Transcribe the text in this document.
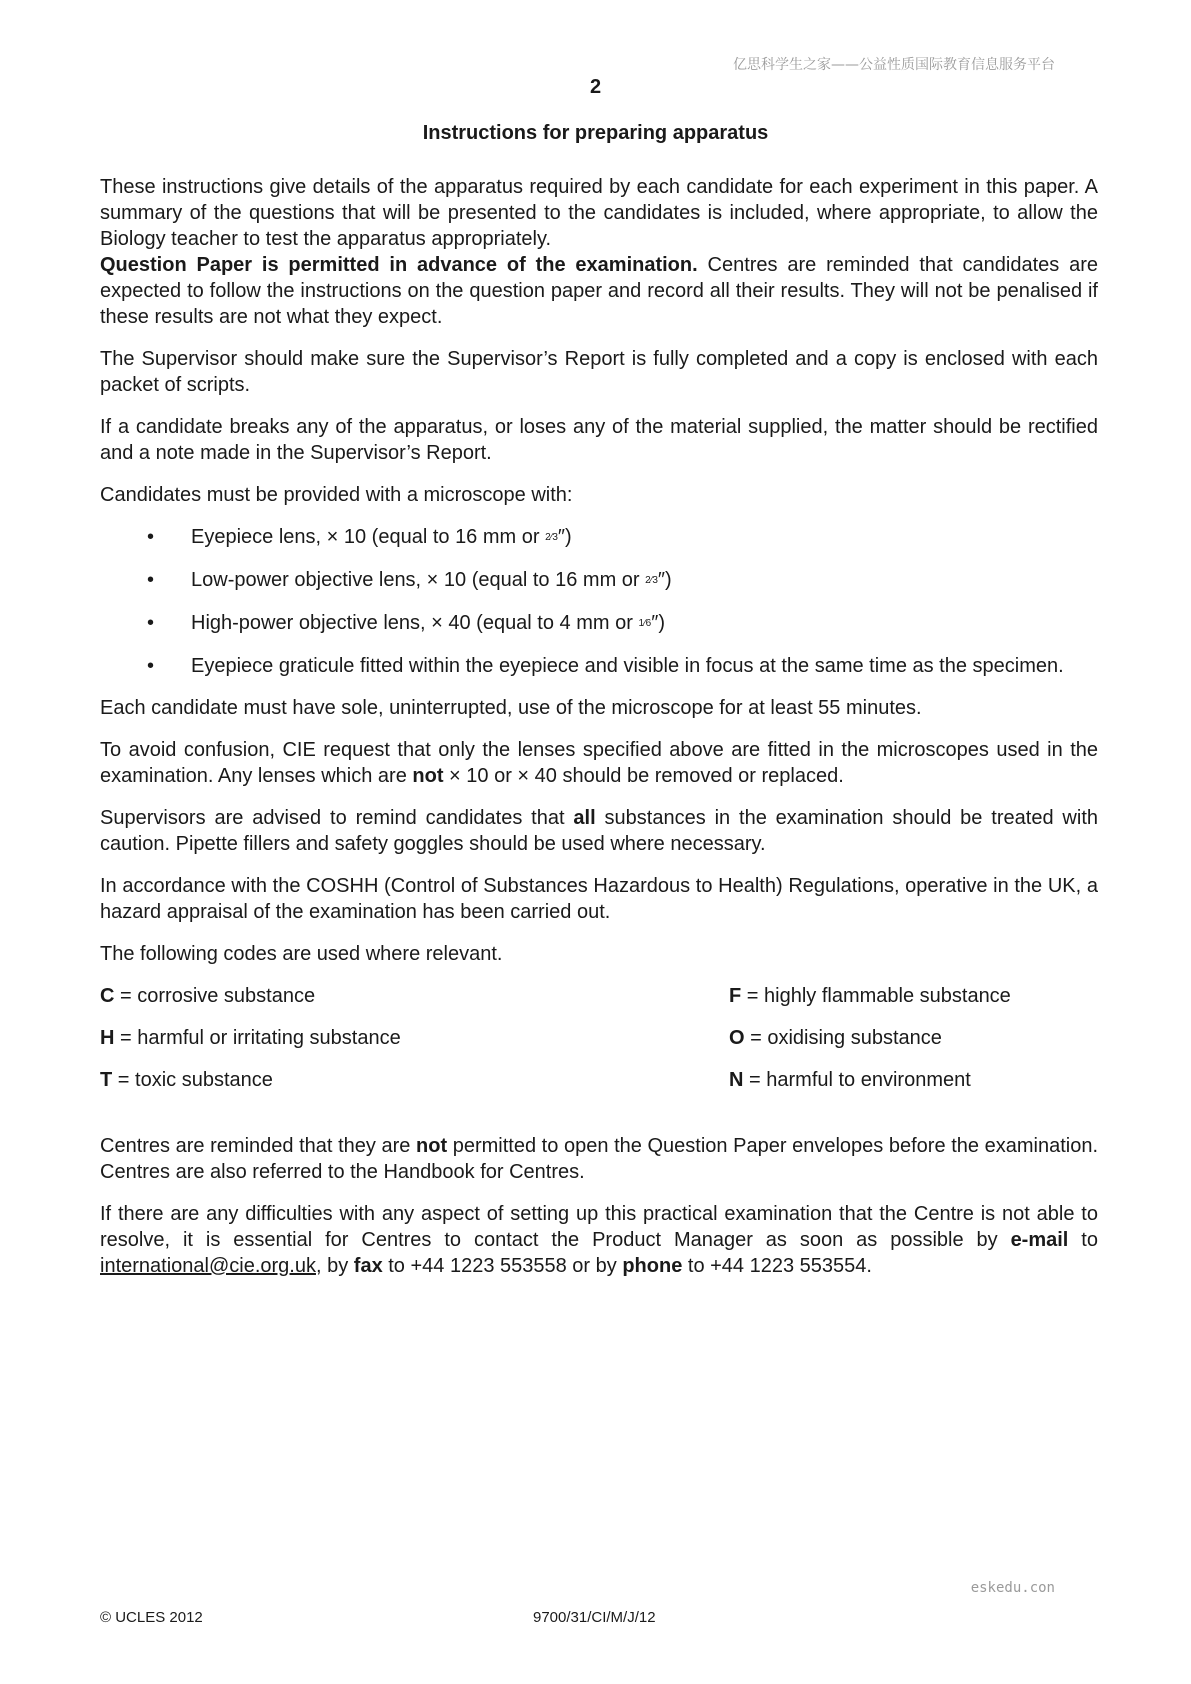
亿思科学生之家——公益性质国际教育信息服务平台
2
Instructions for preparing apparatus

These instructions give details of the apparatus required by each candidate for each experiment in this paper. A summary of the questions that will be presented to the candidates is included, where appropriate, to allow the Biology teacher to test the apparatus appropriately.

Question Paper is permitted in advance of the examination. Centres are reminded that candidates are expected to follow the instructions on the question paper and record all their results. They will not be penalised if these results are not what they expect.

The Supervisor should make sure the Supervisor’s Report is fully completed and a copy is enclosed with each packet of scripts.

If a candidate breaks any of the apparatus, or loses any of the material supplied, the matter should be rectified and a note made in the Supervisor’s Report.

Candidates must be provided with a microscope with:

• Eyepiece lens, × 10 (equal to 16 mm or 2⁄3″)
• Low-power objective lens, × 10 (equal to 16 mm or 2⁄3″)
• High-power objective lens, × 40 (equal to 4 mm or 1⁄6″)
• Eyepiece graticule fitted within the eyepiece and visible in focus at the same time as the specimen.

Each candidate must have sole, uninterrupted, use of the microscope for at least 55 minutes.

To avoid confusion, CIE request that only the lenses specified above are fitted in the microscopes used in the examination. Any lenses which are not × 10 or × 40 should be removed or replaced.

Supervisors are advised to remind candidates that all substances in the examination should be treated with caution. Pipette fillers and safety goggles should be used where necessary.

In accordance with the COSHH (Control of Substances Hazardous to Health) Regulations, operative in the UK, a hazard appraisal of the examination has been carried out.

The following codes are used where relevant.

C = corrosive substance	F = highly flammable substance
H = harmful or irritating substance	O = oxidising substance
T = toxic substance	N = harmful to environment

Centres are reminded that they are not permitted to open the Question Paper envelopes before the examination. Centres are also referred to the Handbook for Centres.

If there are any difficulties with any aspect of setting up this practical examination that the Centre is not able to resolve, it is essential for Centres to contact the Product Manager as soon as possible by e-mail to international@cie.org.uk, by fax to +44 1223 553558 or by phone to +44 1223 553554.

eskedu.con
© UCLES 2012	9700/31/CI/M/J/12
